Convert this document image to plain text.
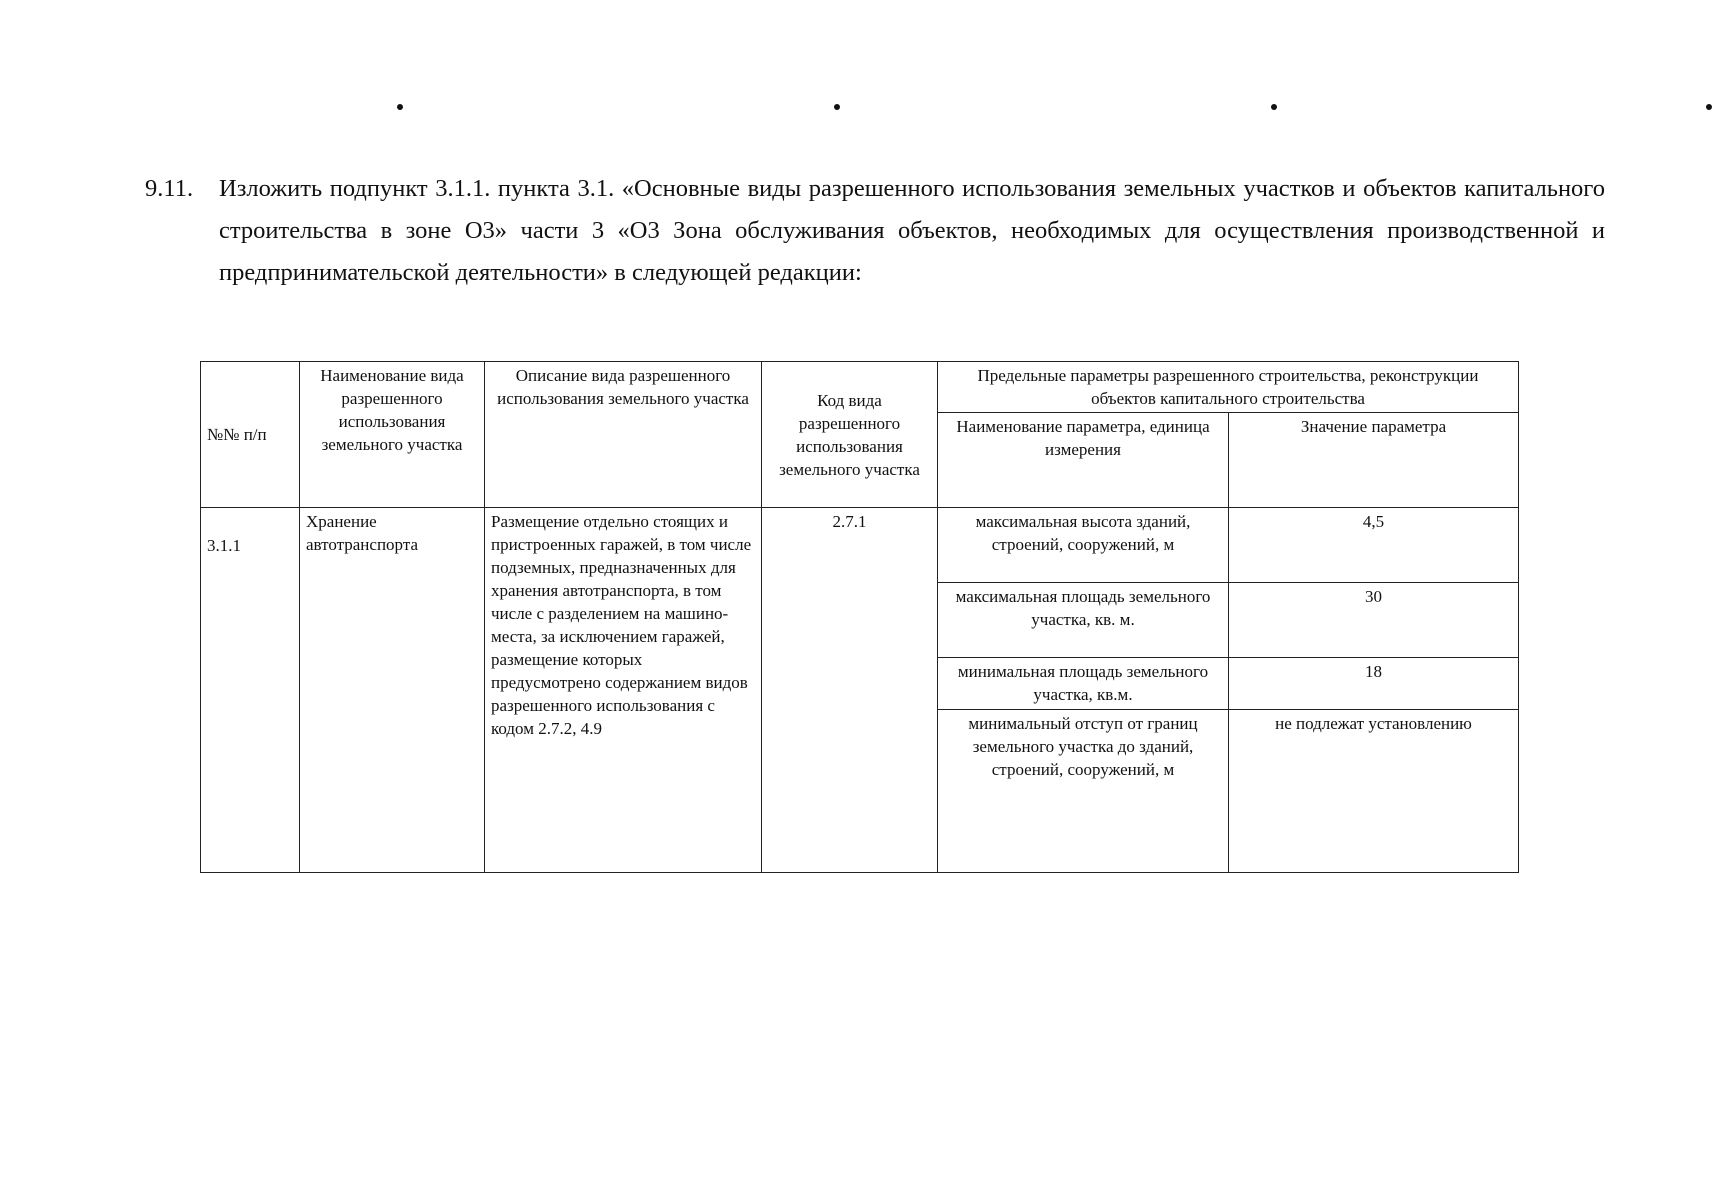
9.11. Изложить подпункт 3.1.1. пункта 3.1. «Основные виды разрешенного использования земельных участков и объектов капитального строительства в зоне О3» части 3 «О3 Зона обслуживания объектов, необходимых для осуществления производственной и предпринимательской деятельности» в следующей редакции:
№№ п/п	Наименование вида разрешенного использования земельного участка	Описание вида разрешенного использования земельного участка	Код вида разрешенного использования земельного участка	Предельные параметры разрешенного строительства, реконструкции объектов капитального строительства	
				Наименование параметра, единица измерения	Значение параметра
3.1.1	Хранение автотранспорта	Размещение отдельно стоящих и пристроенных гаражей, в том числе подземных, предназначенных для хранения автотранспорта, в том числе с разделением на машино-места, за исключением гаражей, размещение которых предусмотрено содержанием видов разрешенного использования с кодом 2.7.2, 4.9	2.7.1	максимальная высота зданий, строений, сооружений, м	4,5
				максимальная площадь земельного участка, кв. м.	30
				минимальная площадь земельного участка, кв.м.	18
				минимальный отступ от границ земельного участка до зданий, строений, сооружений, м	не подлежат установлению
